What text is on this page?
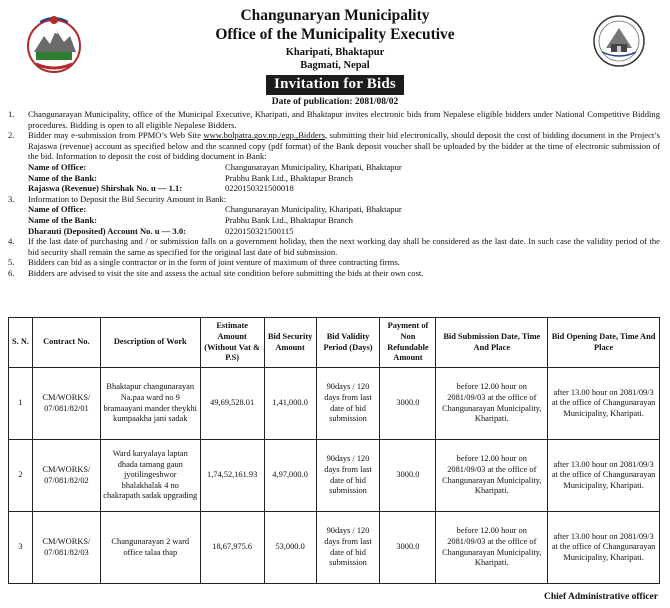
Changunaryan Municipality
Office of the Municipality Executive
Kharipati, Bhaktapur
Bagmati, Nepal
Invitation for Bids
Date of publication: 2081/08/02
1.	Changunarayan Municipality, office of the Municipal Executive, Kharipati, and Bhaktapur invites electronic bids from Nepalese eligible bidders under National Competitive Bidding procedures. Bidding is open to all eligible Nepalese Bidders.
2.	Bidder may e-submission from PPMO’s Web Site www.bolpatra.gov.np./egp.,Bidders, submitting their bid electronically, should deposit the cost of bidding document in the Project’s Rajaswa (revenue) account as specified below and the scanned copy (pdf format) of the Bank deposit voucher shall be uploaded by the bidder at the time of electronic submission of the bid. Information to deposit the cost of bidding document in Bank:
Name of Office:	Changunarayan Municipality, Kharipati, Bhaktapur
Name of the Bank:	Prabhu Bank Ltd., Bhaktapur Branch
Rajaswa (Revenue) Shirshak No. u — 1.1:	0220150321500018
3.	Information to Deposit the Bid Security Amount in Bank:
Name of Office:	Changunarayan Municipality, Kharipati, Bhaktapur
Name of the Bank:	Prabhu Bank Ltd., Bhaktapur Branch
Dharauti (Deposited) Account No. u — 3.0:	0220150321500115
4.	If the last date of purchasing and / or submission falls on a government holiday, then the next working day shall be considered as the last date. In such case the validity period of the bid security shall remain the same as specified for the original last date of bid submission.
5.	Bidders can bid as a single contractor or in the form of joint venture of maximum of three contracting firms.
6.	Bidders are advised to visit the site and assess the actual site condition before submitting the bids at their own cost.
S. N.	Contract No.	Description of Work	Estimate Amount (Without Vat & P.S)	Bid Security Amount	Bid Validity Period (Days)	Payment of Non Refundable Amount	Bid Submission Date, Time And Place	Bid Opening Date, Time And Place
1	CM/WORKS/ 07/081/82/01	Bhaktapur changunarayan Na.paa ward no 9 bramaayani mander theykhi kumpaakha jani sadak	49,69,528.01	1,41,000.0	90days / 120 days from last date of bid submission	3000.0	before 12.00 hour on 2081/09/03 at the office of Changunarayan Municipality, Kharipati.	after 13.00 hour on 2081/09/3 at the office of Changunarayan Municipality, Kharipati.
2	CM/WORKS/ 07/081/82/02	Ward karyalaya laptan dhada tamang gaun jyotilingeshwor bhalakhalak 4 no chakrapath sadak upgrading	1,74,52,161.93	4,97,000.0	90days / 120 days from last date of bid submission	3000.0	before 12.00 hour on 2081/09/03 at the office of Changunarayan Municipality, Kharipati.	after 13.00 hour on 2081/09/3 at the office of Changunarayan Municipality, Kharipati.
3	CM/WORKS/ 07/081/82/03	Changunarayan 2 ward office talaa thap	18,67,975.6	53,000.0	90days / 120 days from last date of bid submission	3000.0	before 12.00 hour on 2081/09/03 at the office of Changunarayan Municipality, Kharipati.	after 13.00 hour on 2081/09/3 at the office of Changunarayan Municipality, Kharipati.
Chief Administrative officer
